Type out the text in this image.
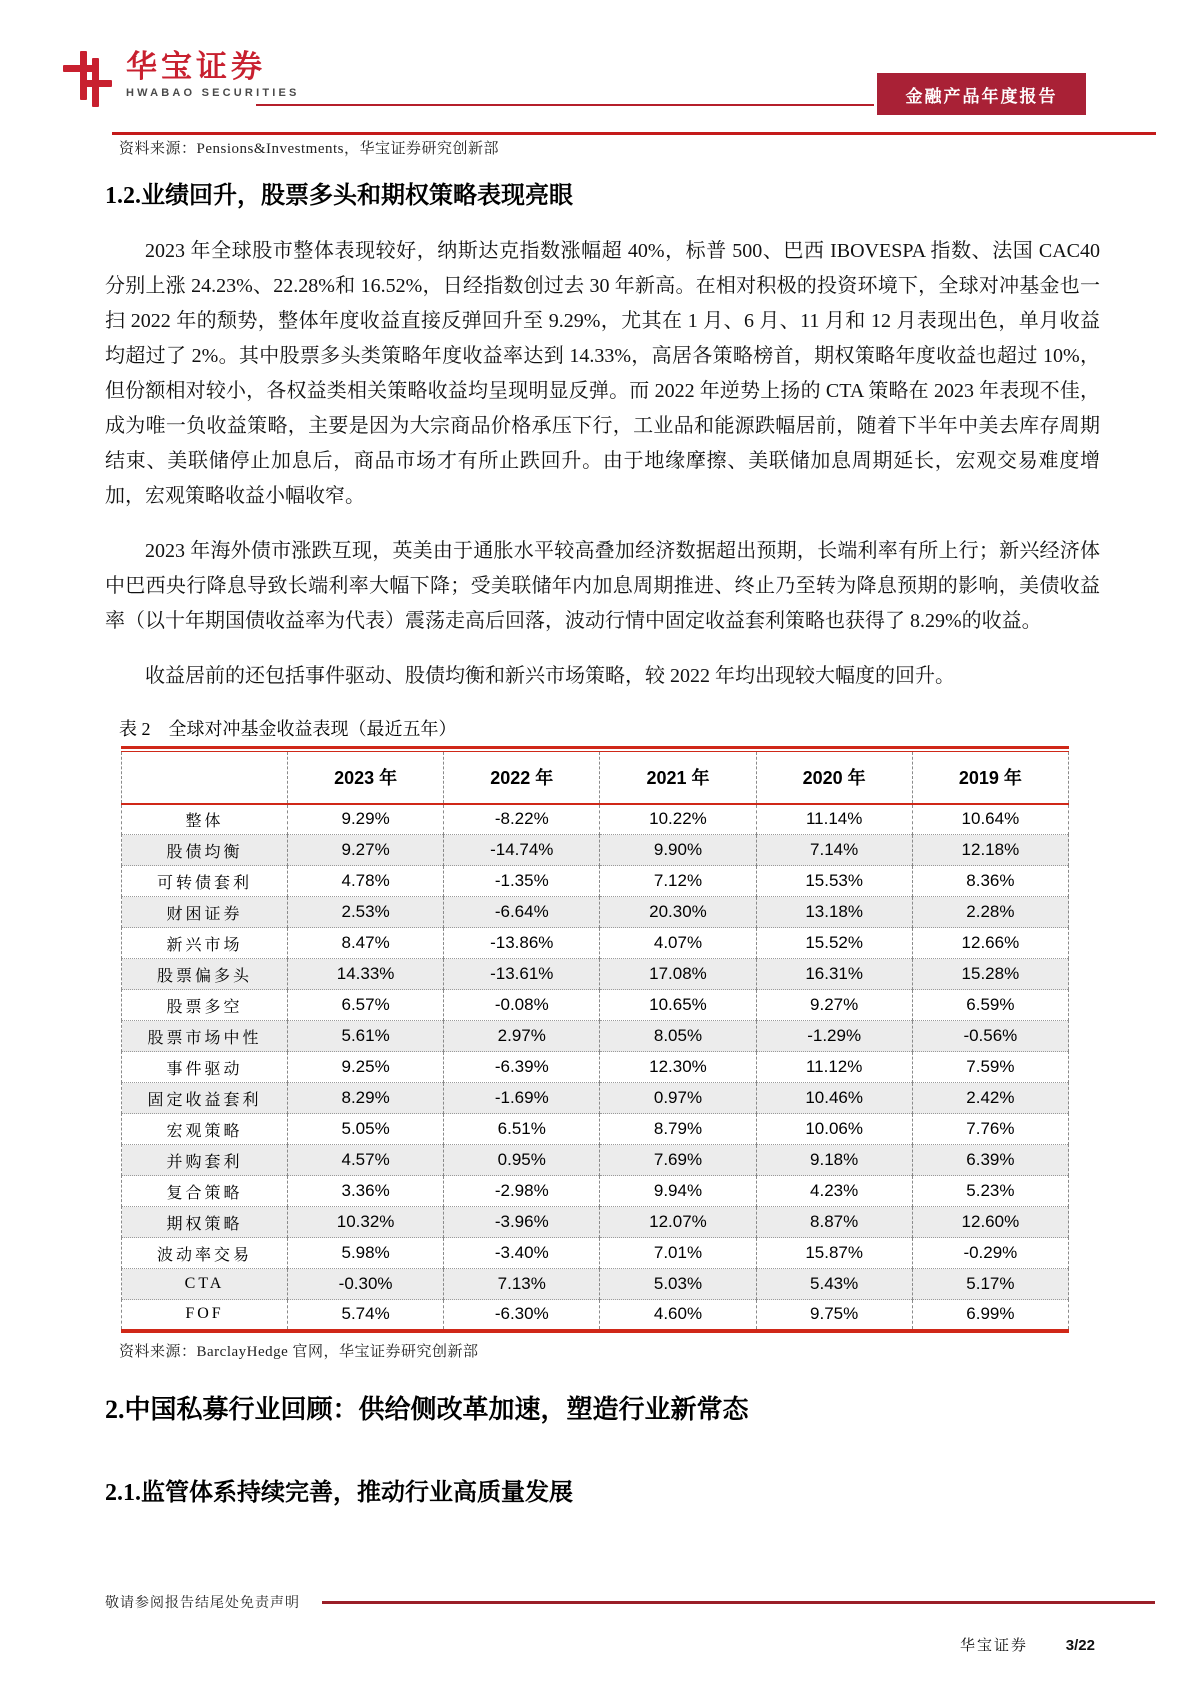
华宝证券
HWABAO SECURITIES	金融产品年度报告
资料来源：Pensions&Investments，华宝证券研究创新部
1.2.业绩回升，股票多头和期权策略表现亮眼

2023 年全球股市整体表现较好，纳斯达克指数涨幅超 40%，标普 500、巴西 IBOVESPA 指数、法国 CAC40 分别上涨 24.23%、22.28%和 16.52%，日经指数创过去 30 年新高。在相对积极的投资环境下，全球对冲基金也一扫 2022 年的颓势，整体年度收益直接反弹回升至 9.29%，尤其在 1 月、6 月、11 月和 12 月表现出色，单月收益均超过了 2%。其中股票多头类策略年度收益率达到 14.33%，高居各策略榜首，期权策略年度收益也超过 10%，但份额相对较小，各权益类相关策略收益均呈现明显反弹。而 2022 年逆势上扬的 CTA 策略在 2023 年表现不佳，成为唯一负收益策略，主要是因为大宗商品价格承压下行，工业品和能源跌幅居前，随着下半年中美去库存周期结束、美联储停止加息后，商品市场才有所止跌回升。由于地缘摩擦、美联储加息周期延长，宏观交易难度增加，宏观策略收益小幅收窄。

2023 年海外债市涨跌互现，英美由于通胀水平较高叠加经济数据超出预期，长端利率有所上行；新兴经济体中巴西央行降息导致长端利率大幅下降；受美联储年内加息周期推进、终止乃至转为降息预期的影响，美债收益率（以十年期国债收益率为代表）震荡走高后回落，波动行情中固定收益套利策略也获得了 8.29%的收益。

收益居前的还包括事件驱动、股债均衡和新兴市场策略，较 2022 年均出现较大幅度的回升。

表 2　全球对冲基金收益表现（最近五年）
	2023 年	2022 年	2021 年	2020 年	2019 年
整体	9.29%	-8.22%	10.22%	11.14%	10.64%
股债均衡	9.27%	-14.74%	9.90%	7.14%	12.18%
可转债套利	4.78%	-1.35%	7.12%	15.53%	8.36%
财困证券	2.53%	-6.64%	20.30%	13.18%	2.28%
新兴市场	8.47%	-13.86%	4.07%	15.52%	12.66%
股票偏多头	14.33%	-13.61%	17.08%	16.31%	15.28%
股票多空	6.57%	-0.08%	10.65%	9.27%	6.59%
股票市场中性	5.61%	2.97%	8.05%	-1.29%	-0.56%
事件驱动	9.25%	-6.39%	12.30%	11.12%	7.59%
固定收益套利	8.29%	-1.69%	0.97%	10.46%	2.42%
宏观策略	5.05%	6.51%	8.79%	10.06%	7.76%
并购套利	4.57%	0.95%	7.69%	9.18%	6.39%
复合策略	3.36%	-2.98%	9.94%	4.23%	5.23%
期权策略	10.32%	-3.96%	12.07%	8.87%	12.60%
波动率交易	5.98%	-3.40%	7.01%	15.87%	-0.29%
CTA	-0.30%	7.13%	5.03%	5.43%	5.17%
FOF	5.74%	-6.30%	4.60%	9.75%	6.99%
资料来源：BarclayHedge 官网，华宝证券研究创新部
2.中国私募行业回顾：供给侧改革加速，塑造行业新常态
2.1.监管体系持续完善，推动行业高质量发展
敬请参阅报告结尾处免责声明
华宝证券	3/22
